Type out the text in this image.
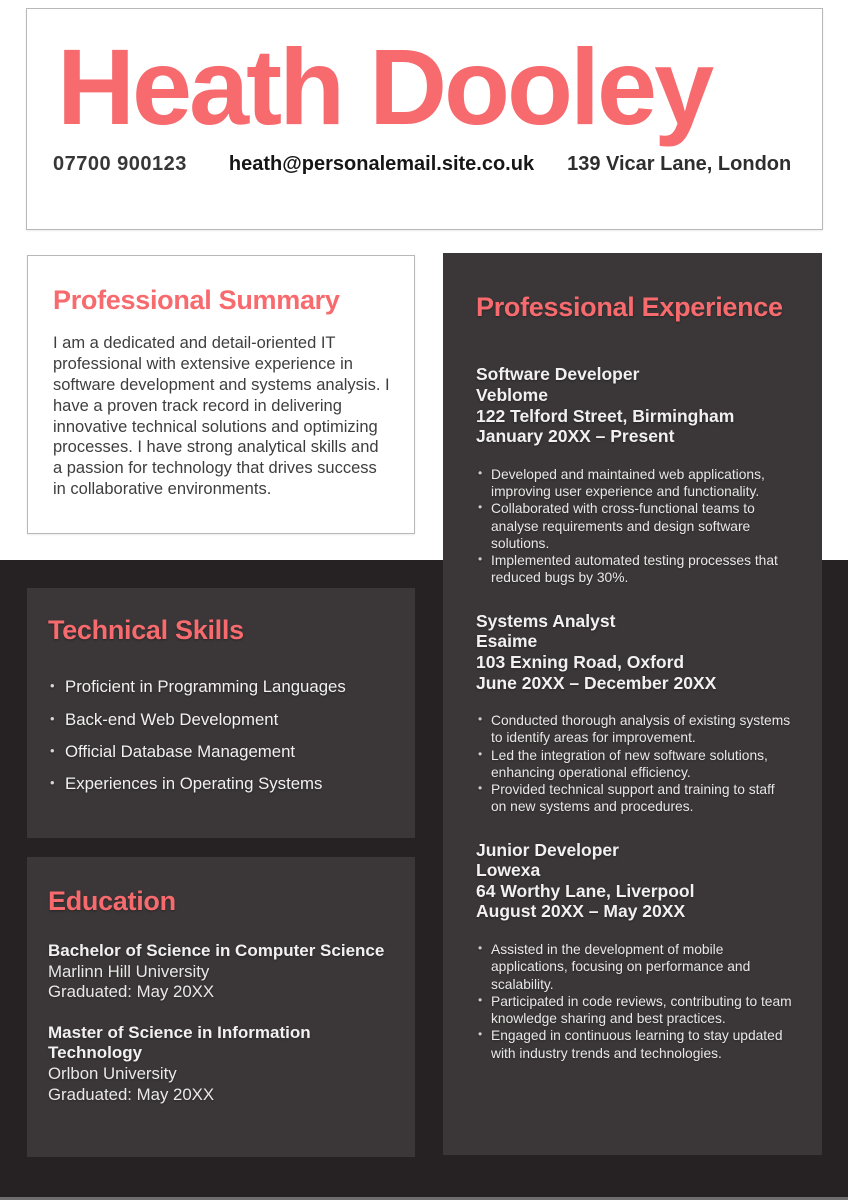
Heath Dooley
07700 900123 heath@personalemail.site.co.uk 139 Vicar Lane, London
Professional Summary

I am a dedicated and detail-oriented IT professional with extensive experience in software development and systems analysis. I have a proven track record in delivering innovative technical solutions and optimizing processes. I have strong analytical skills and a passion for technology that drives success in collaborative environments.

Professional Experience
Software Developer
Veblome
122 Telford Street, Birmingham
January 20XX – Present
• Developed and maintained web applications, improving user experience and functionality.
• Collaborated with cross-functional teams to analyse requirements and design software solutions.
• Implemented automated testing processes that reduced bugs by 30%.
Systems Analyst
Esaime
103 Exning Road, Oxford
June 20XX – December 20XX
• Conducted thorough analysis of existing systems to identify areas for improvement.
• Led the integration of new software solutions, enhancing operational efficiency.
• Provided technical support and training to staff on new systems and procedures.
Junior Developer
Lowexa
64 Worthy Lane, Liverpool
August 20XX – May 20XX
• Assisted in the development of mobile applications, focusing on performance and scalability.
• Participated in code reviews, contributing to team knowledge sharing and best practices.
• Engaged in continuous learning to stay updated with industry trends and technologies.
Technical Skills
• Proficient in Programming Languages
• Back-end Web Development
• Official Database Management
• Experiences in Operating Systems
Education
Bachelor of Science in Computer Science
Marlinn Hill University
Graduated: May 20XX
Master of Science in Information Technology
Orlbon University
Graduated: May 20XX
